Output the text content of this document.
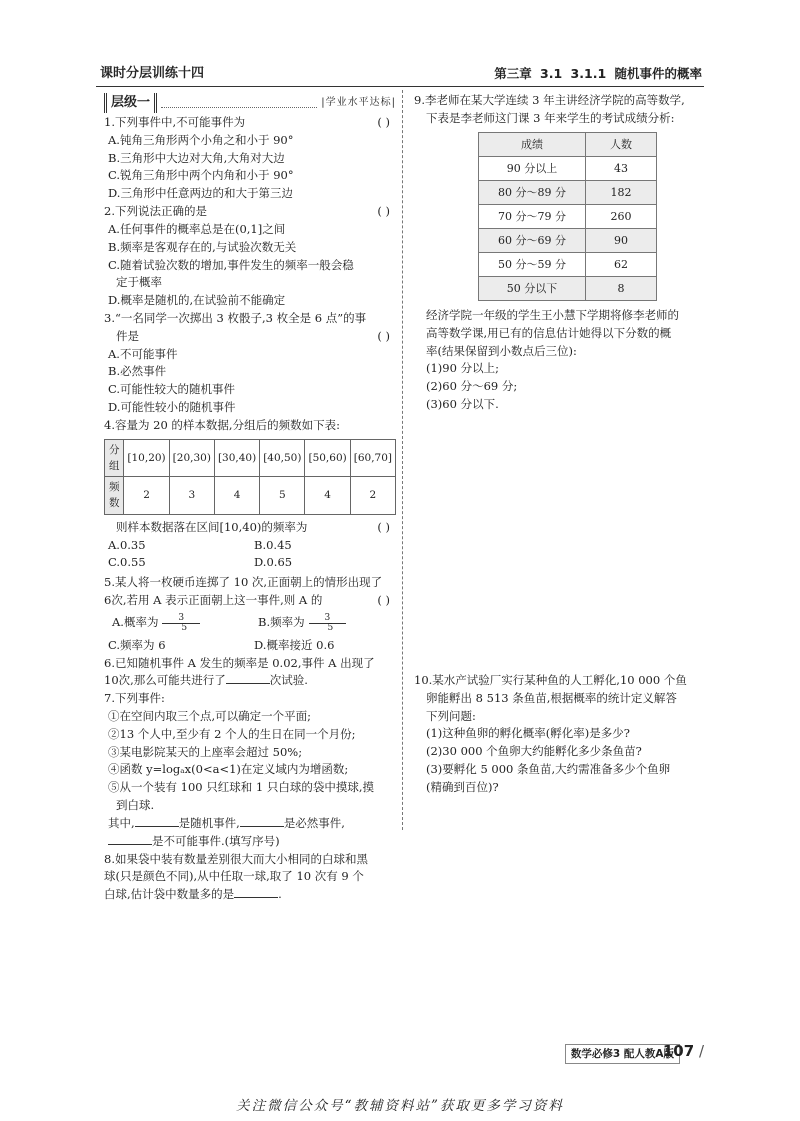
课时分层训练十四	第三章 3.1 3.1.1 随机事件的概率
层级一	|学业水平达标|
1.下列事件中,不可能事件为	( )
A.钝角三角形两个小角之和小于 90°
B.三角形中大边对大角,大角对大边
C.锐角三角形中两个内角和小于 90°
D.三角形中任意两边的和大于第三边
2.下列说法正确的是	( )
A.任何事件的概率总是在(0,1]之间
B.频率是客观存在的,与试验次数无关
C.随着试验次数的增加,事件发生的频率一般会稳
定于概率
D.概率是随机的,在试验前不能确定
3.“一名同学一次掷出 3 枚骰子,3 枚全是 6 点”的事
件是	( )
A.不可能事件
B.必然事件
C.可能性较大的随机事件
D.可能性较小的随机事件
4.容量为 20 的样本数据,分组后的频数如下表:
分组	[10,20)	[20,30)	[30,40)	[40,50)	[50,60)	[60,70]
频数	2	3	4	5	4	2
则样本数据落在区间[10,40)的频率为	( )
A.0.35	B.0.45
C.0.55	D.0.65
5.某人将一枚硬币连掷了 10 次,正面朝上的情形出现了
6次,若用 A 表示正面朝上这一事件,则 A 的	( )
A.概率为 $\frac{3}{5}$	B.频率为 $\frac{3}{5}$
C.频率为 6	D.概率接近 0.6
6.已知随机事件 A 发生的频率是 0.02,事件 A 出现了
10次,那么可能共进行了	次试验.
7.下列事件:
①在空间内取三个点,可以确定一个平面;
②13 个人中,至少有 2 个人的生日在同一个月份;
③某电影院某天的上座率会超过 50%;
④函数 y=logₐx(0<a<1)在定义域内为增函数;
⑤从一个装有 100 只红球和 1 只白球的袋中摸球,摸
到白球.
其中,	是随机事件,	是必然事件,
是不可能事件.(填写序号)
8.如果袋中装有数量差别很大而大小相同的白球和黑
球(只是颜色不同),从中任取一球,取了 10 次有 9 个
白球,估计袋中数量多的是	.
9.李老师在某大学连续 3 年主讲经济学院的高等数学,
下表是李老师这门课 3 年来学生的考试成绩分析:
成绩	人数
90 分以上	43
80 分～89 分	182
70 分～79 分	260
60 分～69 分	90
50 分～59 分	62
50 分以下	8
经济学院一年级的学生王小慧下学期将修李老师的
高等数学课,用已有的信息估计她得以下分数的概
率(结果保留到小数点后三位):
(1)90 分以上;
(2)60 分～69 分;
(3)60 分以下.
10.某水产试验厂实行某种鱼的人工孵化,10 000 个鱼
卵能孵出 8 513 条鱼苗,根据概率的统计定义解答
下列问题:
(1)这种鱼卵的孵化概率(孵化率)是多少?
(2)30 000 个鱼卵大约能孵化多少条鱼苗?
(3)要孵化 5 000 条鱼苗,大约需准备多少个鱼卵
(精确到百位)?
数学必修3 配人教A版
107 /
关注微信公众号“教辅资料站”获取更多学习资料
